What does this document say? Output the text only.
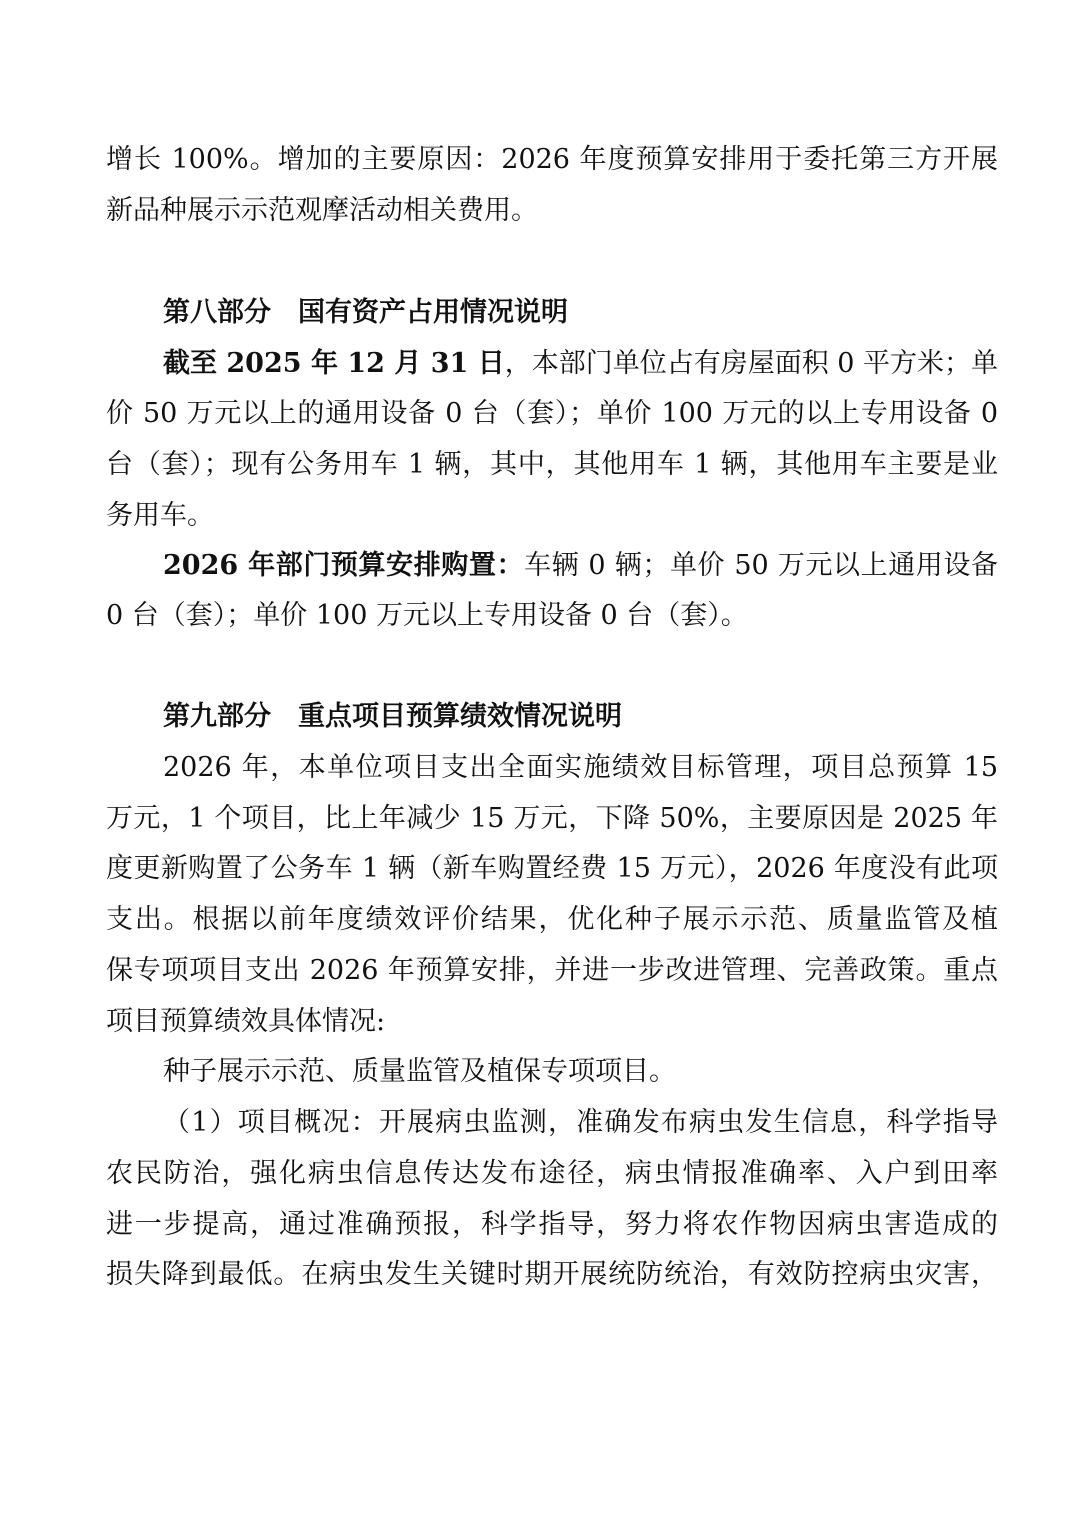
增长 100%。增加的主要原因：2026 年度预算安排用于委托第三方开展
新品种展示示范观摩活动相关费用。
第八部分　国有资产占用情况说明
截至 2025 年 12 月 31 日，本部门单位占有房屋面积 0 平方米；单
价 50 万元以上的通用设备 0 台（套）；单价 100 万元的以上专用设备 0
台（套）；现有公务用车 1 辆，其中，其他用车 1 辆，其他用车主要是业
务用车。
2026 年部门预算安排购置：车辆 0 辆；单价 50 万元以上通用设备
0 台（套）；单价 100 万元以上专用设备 0 台（套）。
第九部分　重点项目预算绩效情况说明
2026 年，本单位项目支出全面实施绩效目标管理，项目总预算 15
万元，1 个项目，比上年减少 15 万元，下降 50%，主要原因是 2025 年
度更新购置了公务车 1 辆（新车购置经费 15 万元），2026 年度没有此项
支出。根据以前年度绩效评价结果，优化种子展示示范、质量监管及植
保专项项目支出 2026 年预算安排，并进一步改进管理、完善政策。重点
项目预算绩效具体情况:
种子展示示范、质量监管及植保专项项目。
（1）项目概况：开展病虫监测，准确发布病虫发生信息，科学指导
农民防治，强化病虫信息传达发布途径，病虫情报准确率、入户到田率
进一步提高，通过准确预报，科学指导，努力将农作物因病虫害造成的
损失降到最低。在病虫发生关键时期开展统防统治，有效防控病虫灾害，
